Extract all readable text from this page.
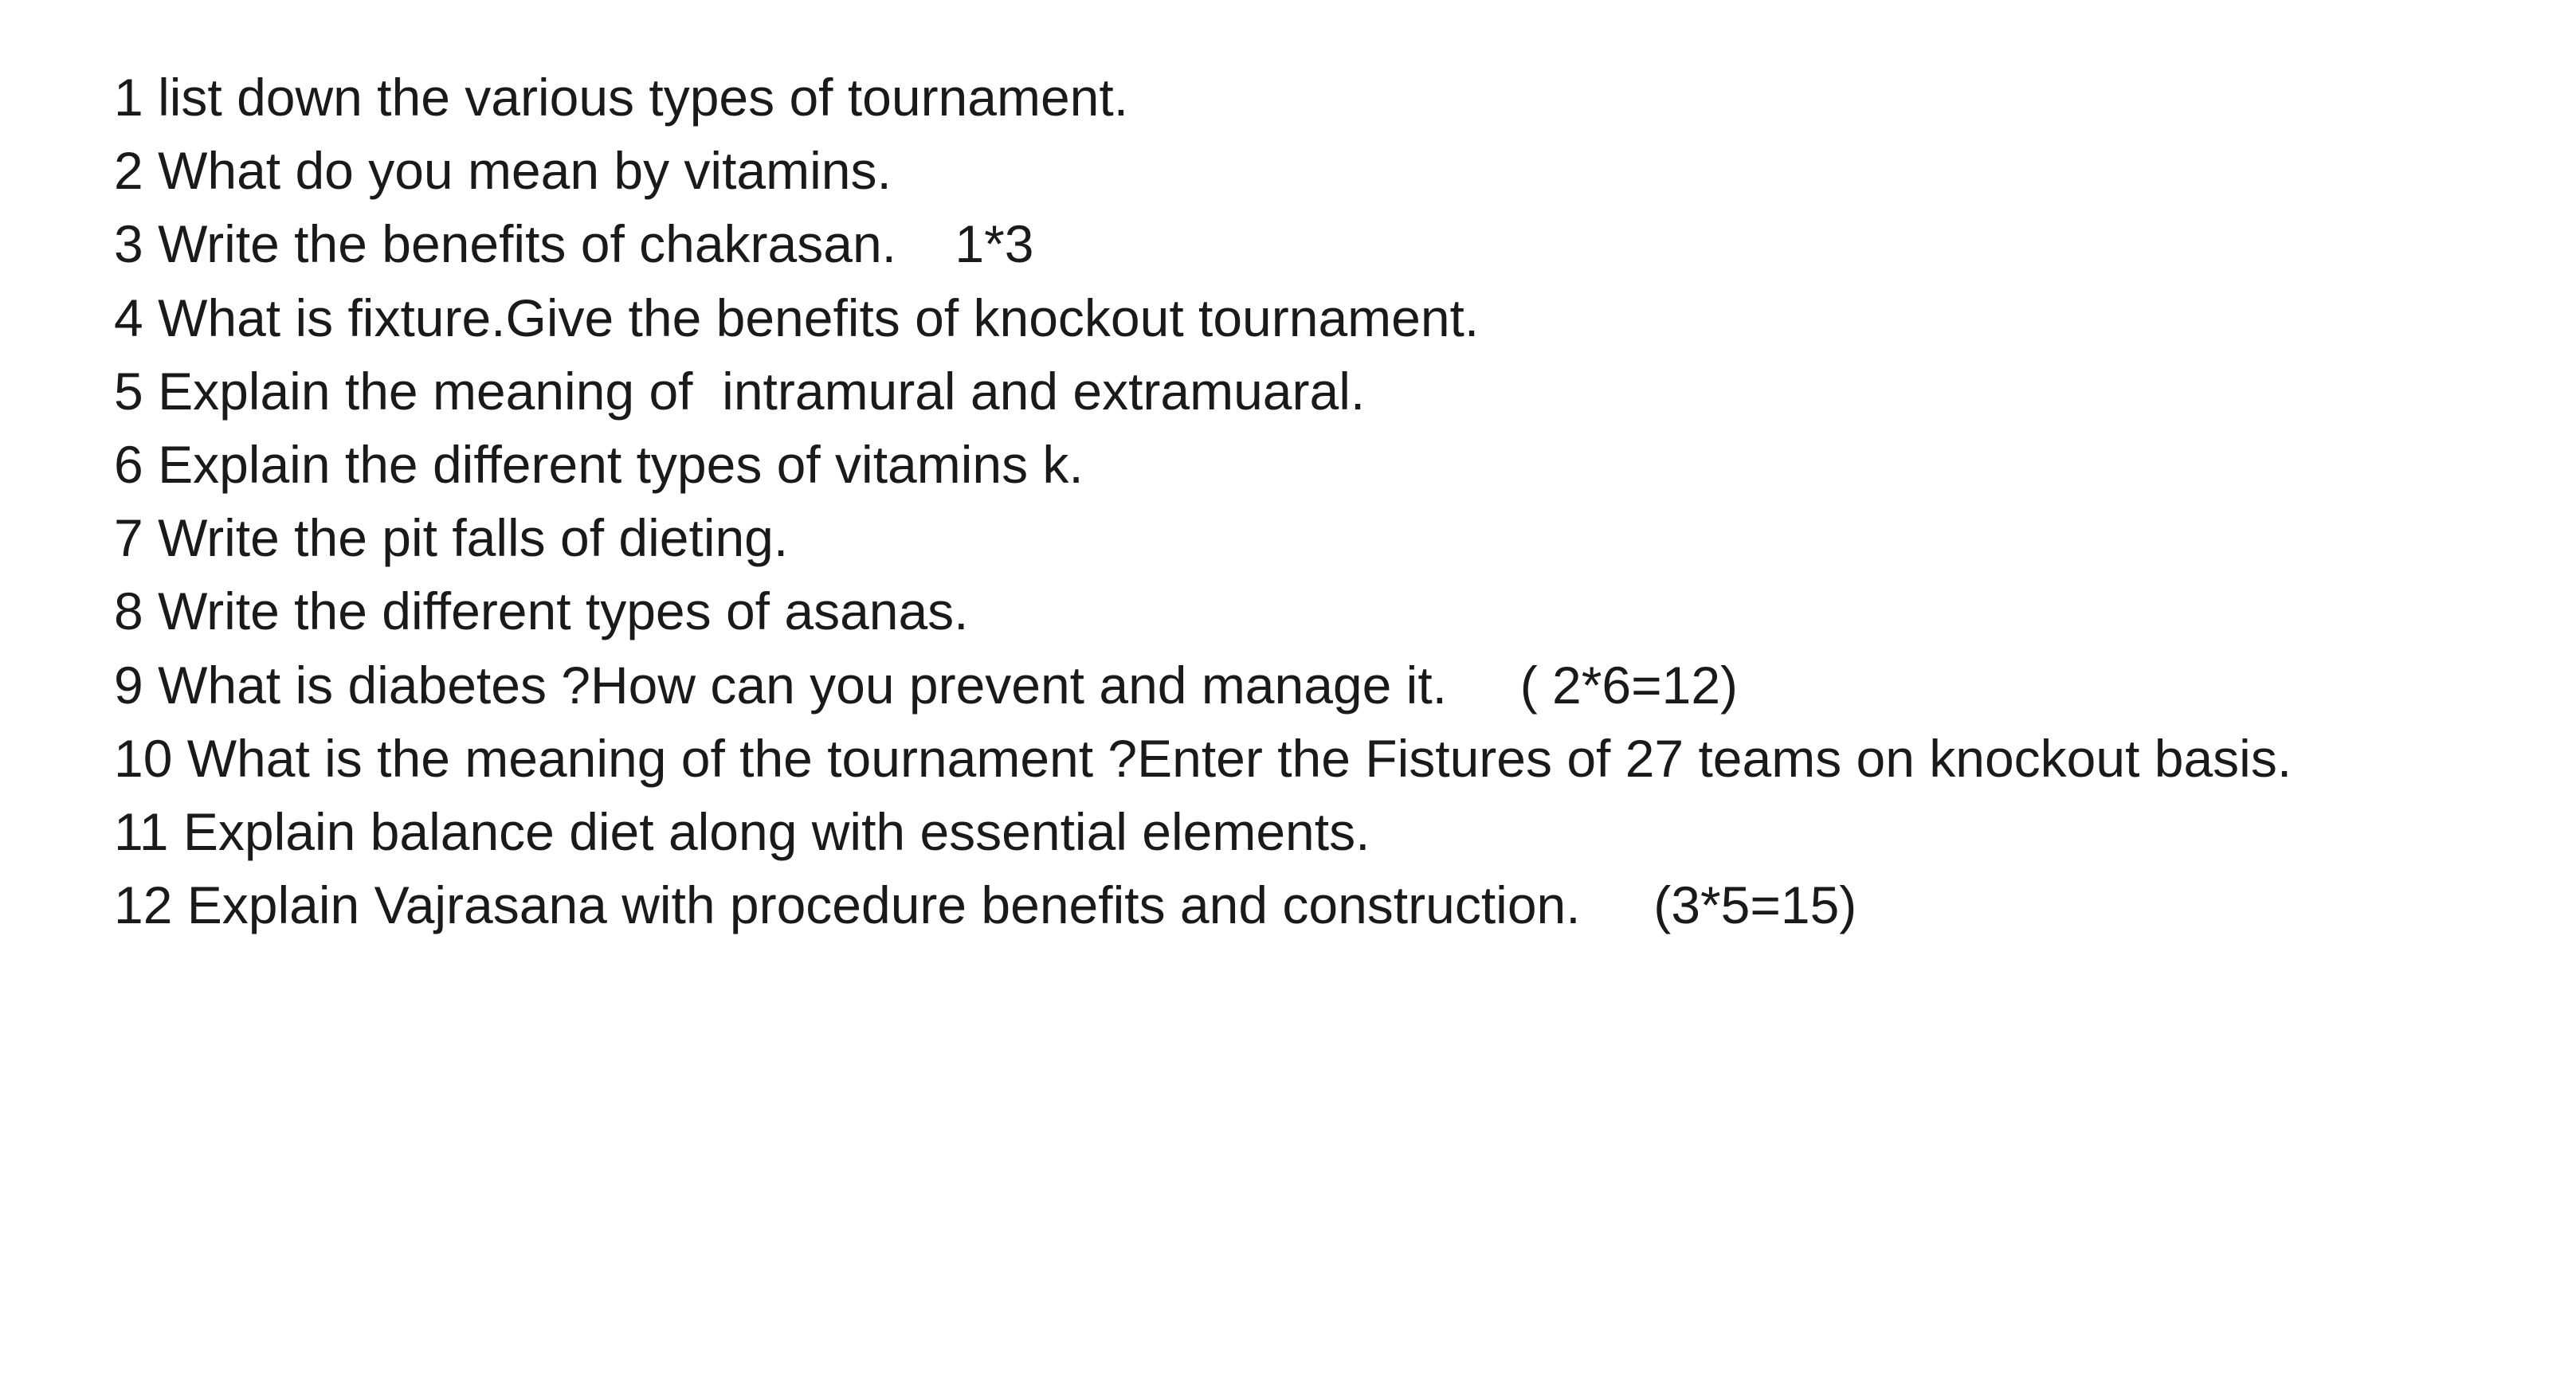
1 list down the various types of tournament.
2 What do you mean by vitamins.
3 Write the benefits of chakrasan. 1*3
4 What is fixture.Give the benefits of knockout tournament.
5 Explain the meaning of  intramural and extramuaral.
6 Explain the different types of vitamins k.
7 Write the pit falls of dieting.
8 Write the different types of asanas.
9 What is diabetes ?How can you prevent and manage it. ( 2*6=12)
10 What is the meaning of the tournament ?Enter the Fistures of 27 teams on knockout basis.
11 Explain balance diet along with essential elements.
12 Explain Vajrasana with procedure benefits and construction. (3*5=15)
